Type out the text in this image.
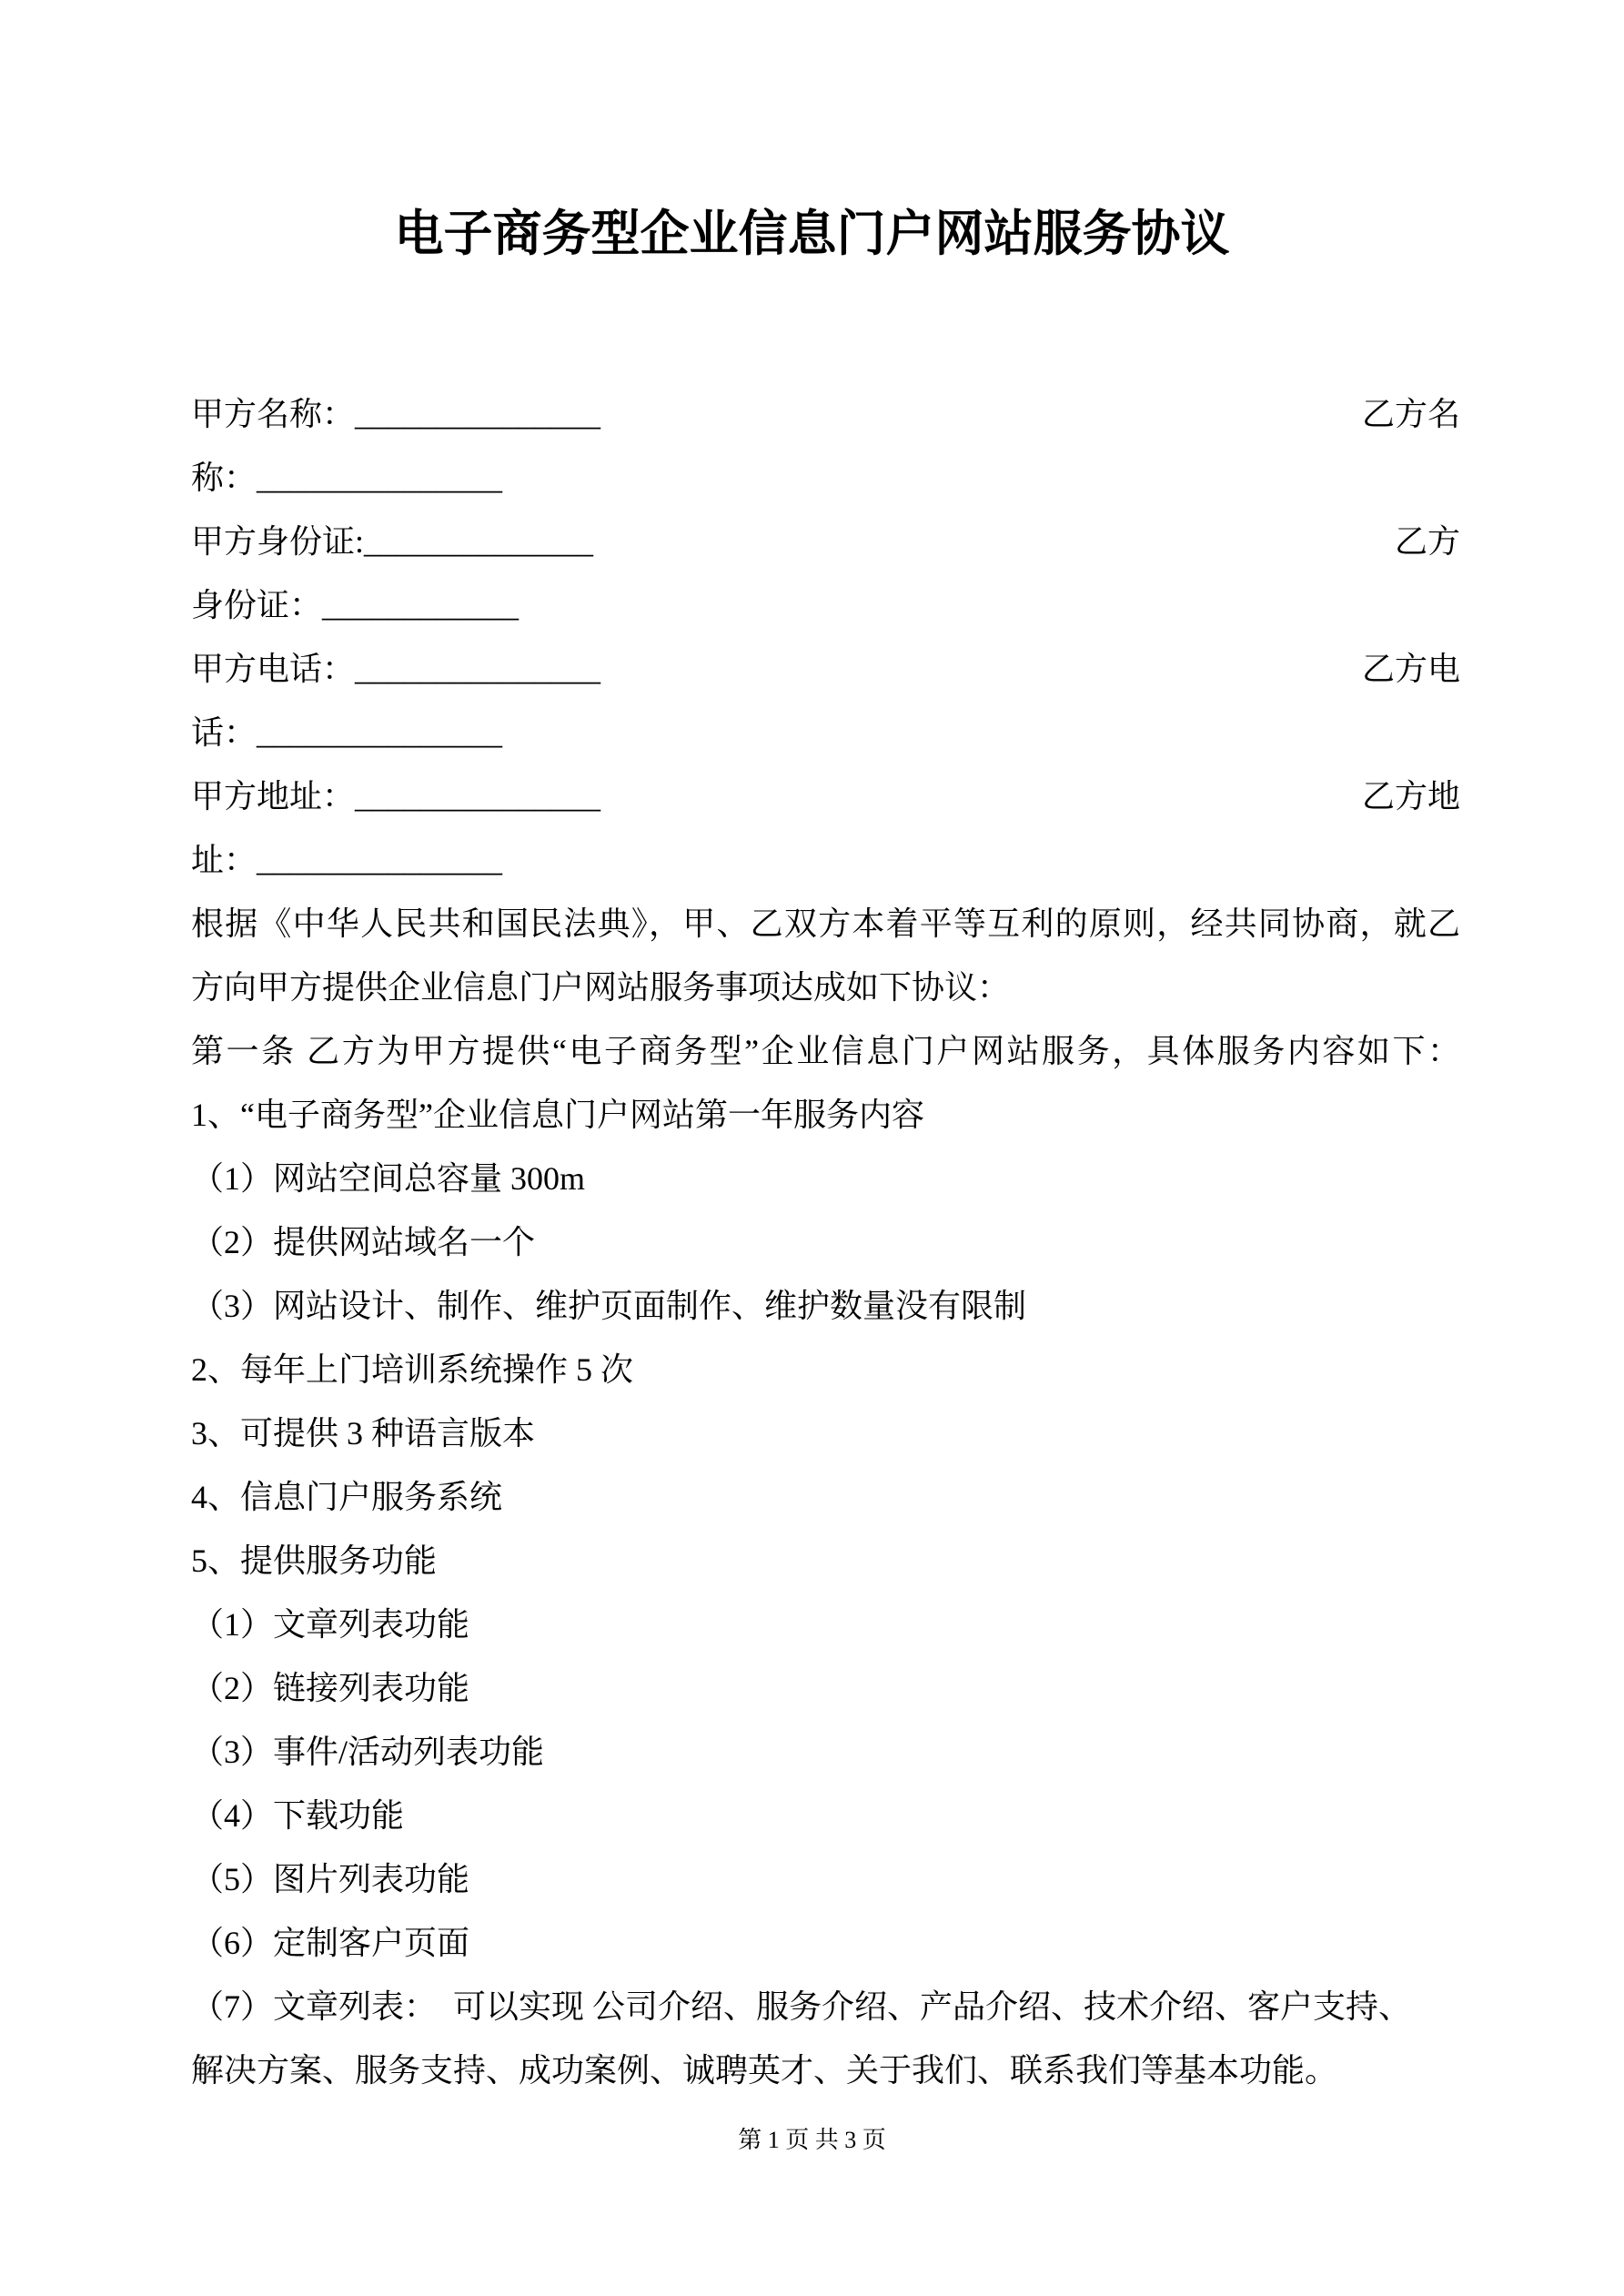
电子商务型企业信息门户网站服务协议
甲方名称：_______________	乙方名
称：_______________
甲方身份证:______________	乙方
身份证：____________
甲方电话：_______________	乙方电
话：_______________
甲方地址：_______________	乙方地
址：_______________
根据《中华人民共和国民法典》，甲、乙双方本着平等互利的原则，经共同协商，就乙
方向甲方提供企业信息门户网站服务事项达成如下协议：
第一条 乙方为甲方提供“电子商务型”企业信息门户网站服务，具体服务内容如下：
1、“电子商务型”企业信息门户网站第一年服务内容
（1）网站空间总容量 300m
（2）提供网站域名一个
（3）网站设计、制作、维护页面制作、维护数量没有限制
2、每年上门培训系统操作 5 次
3、可提供 3 种语言版本
4、信息门户服务系统
5、提供服务功能
（1）文章列表功能
（2）链接列表功能
（3）事件/活动列表功能
（4）下载功能
（5）图片列表功能
（6）定制客户页面
（7）文章列表：　可以实现 公司介绍、服务介绍、产品介绍、技术介绍、客户支持、
解决方案、服务支持、成功案例、诚聘英才、关于我们、联系我们等基本功能。
第 1 页 共 3 页
